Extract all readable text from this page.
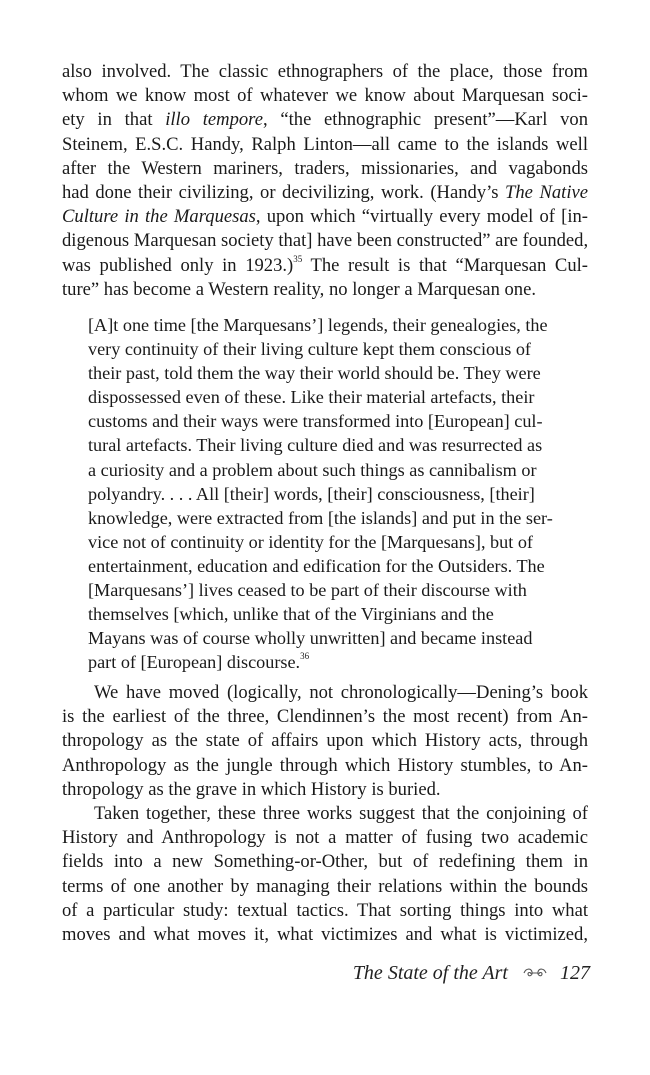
also involved. The classic ethnographers of the place, those from
whom we know most of whatever we know about Marquesan soci-
ety in that illo tempore, “the ethnographic present”—Karl von
Steinem, E.S.C. Handy, Ralph Linton—all came to the islands well
after the Western mariners, traders, missionaries, and vagabonds
had done their civilizing, or decivilizing, work. (Handy’s The Native
Culture in the Marquesas, upon which “virtually every model of [in-
digenous Marquesan society that] have been constructed” are founded,
was published only in 1923.)$^{35}$ The result is that “Marquesan Cul-
ture” has become a Western reality, no longer a Marquesan one.
[A]t one time [the Marquesans’] legends, their genealogies, the
very continuity of their living culture kept them conscious of
their past, told them the way their world should be. They were
dispossessed even of these. Like their material artefacts, their
customs and their ways were transformed into [European] cul-
tural artefacts. Their living culture died and was resurrected as
a curiosity and a problem about such things as cannibalism or
polyandry. . . . All [their] words, [their] consciousness, [their]
knowledge, were extracted from [the islands] and put in the ser-
vice not of continuity or identity for the [Marquesans], but of
entertainment, education and edification for the Outsiders. The
[Marquesans’] lives ceased to be part of their discourse with
themselves [which, unlike that of the Virginians and the
Mayans was of course wholly unwritten] and became instead
part of [European] discourse.$^{36}$
We have moved (logically, not chronologically—Dening’s book
is the earliest of the three, Clendinnen’s the most recent) from An-
thropology as the state of affairs upon which History acts, through
Anthropology as the jungle through which History stumbles, to An-
thropology as the grave in which History is buried.
Taken together, these three works suggest that the conjoining of
History and Anthropology is not a matter of fusing two academic
fields into a new Something-or-Other, but of redefining them in
terms of one another by managing their relations within the bounds
of a particular study: textual tactics. That sorting things into what
moves and what moves it, what victimizes and what is victimized,
The State of the Art	127
